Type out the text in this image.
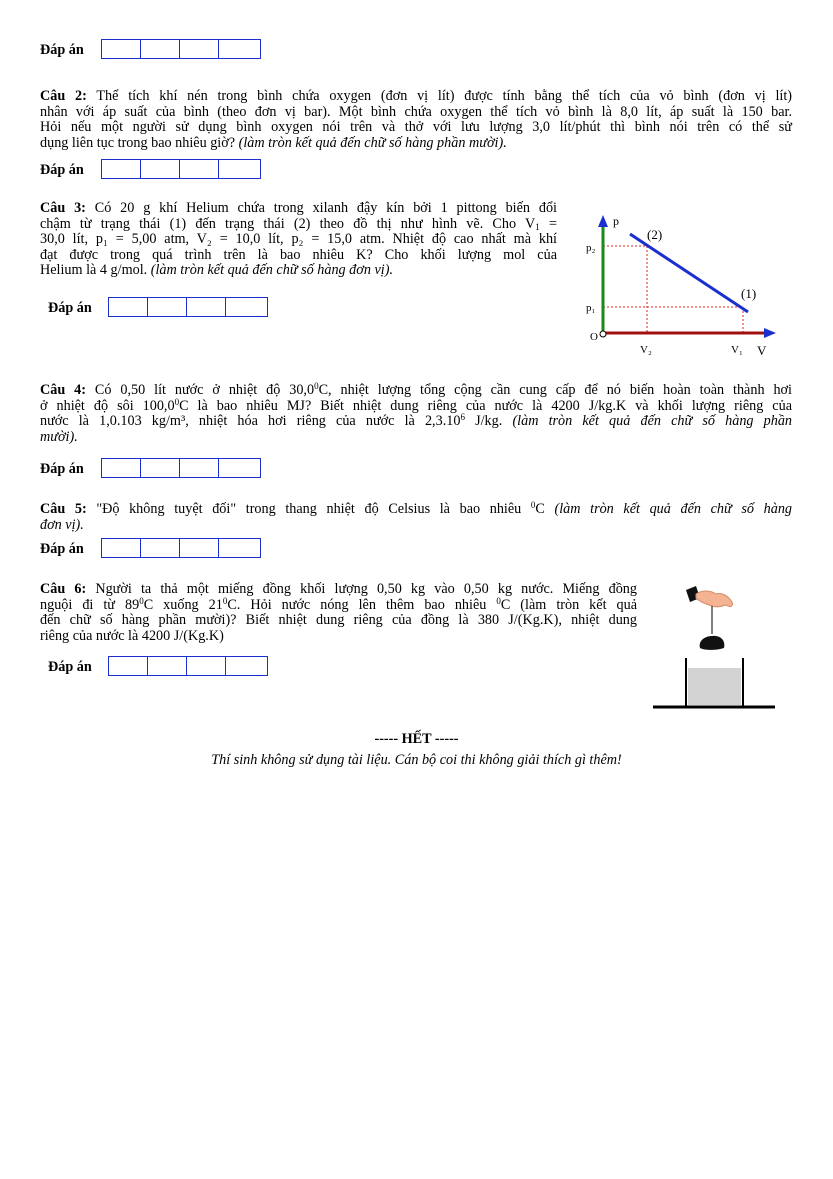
Đáp án
Câu 2: Thể tích khí nén trong bình chứa oxygen (đơn vị lít) được tính bằng thể tích của vỏ bình (đơn vị lít)
nhân với áp suất của bình (theo đơn vị bar). Một bình chứa oxygen thể tích vỏ bình là 8,0 lít, áp suất là 150 bar.
Hỏi nếu một người sử dụng bình oxygen nói trên và thở với lưu lượng 3,0 lít/phút thì bình nói trên có thể sử
dụng liên tục trong bao nhiêu giờ? (làm tròn kết quả đến chữ số hàng phần mười).
Đáp án
Câu 3: Có 20 g khí Helium chứa trong xilanh đậy kín bởi 1 pittong biến đổi
chậm từ trạng thái (1) đến trạng thái (2) theo đồ thị như hình vẽ. Cho $V_1$ =
30,0 lít, p₁ = 5,00 atm, V₂ = 10,0 lít, p₂ = 15,0 atm. Nhiệt độ cao nhất mà khí
đạt được trong quá trình trên là bao nhiêu K? Cho khối lượng mol của
Helium là 4 g/mol. (làm tròn kết quả đến chữ số hàng đơn vị).
Đáp án
p
V
O
p₂
p₁
V₂	V₁
(2)
(1)
Câu 4: Có 0,50 lít nước ở nhiệt độ 30,0$^0$C, nhiệt lượng tổng cộng cần cung cấp để nó biến hoàn toàn thành hơi
ở nhiệt độ sôi 100,0$^0$C là bao nhiêu MJ? Biết nhiệt dung riêng của nước là 4200 J/kg.K và khối lượng riêng của
nước là 1,0.103 kg/m³, nhiệt hóa hơi riêng của nước là 2,3.10$^6$ J/kg. (làm tròn kết quả đến chữ số hàng phần
mười).
Đáp án
Câu 5: "Độ không tuyệt đối" trong thang nhiệt độ Celsius là bao nhiêu $^0$C (làm tròn kết quả đến chữ số hàng
đơn vị).
Đáp án
Câu 6: Người ta thả một miếng đồng khối lượng 0,50 kg vào 0,50 kg nước. Miếng đồng
nguội đi từ $89^0C$ xuống $21^0C$. Hỏi nước nóng lên thêm bao nhiêu $^0$C (làm tròn kết quả
đến chữ số hàng phần mười)? Biết nhiệt dung riêng của đồng là 380 J/(Kg.K), nhiệt dung
riêng của nước là 4200 J/(Kg.K)
Đáp án
----- HẾT -----
Thí sinh không sử dụng tài liệu. Cán bộ coi thi không giải thích gì thêm!
